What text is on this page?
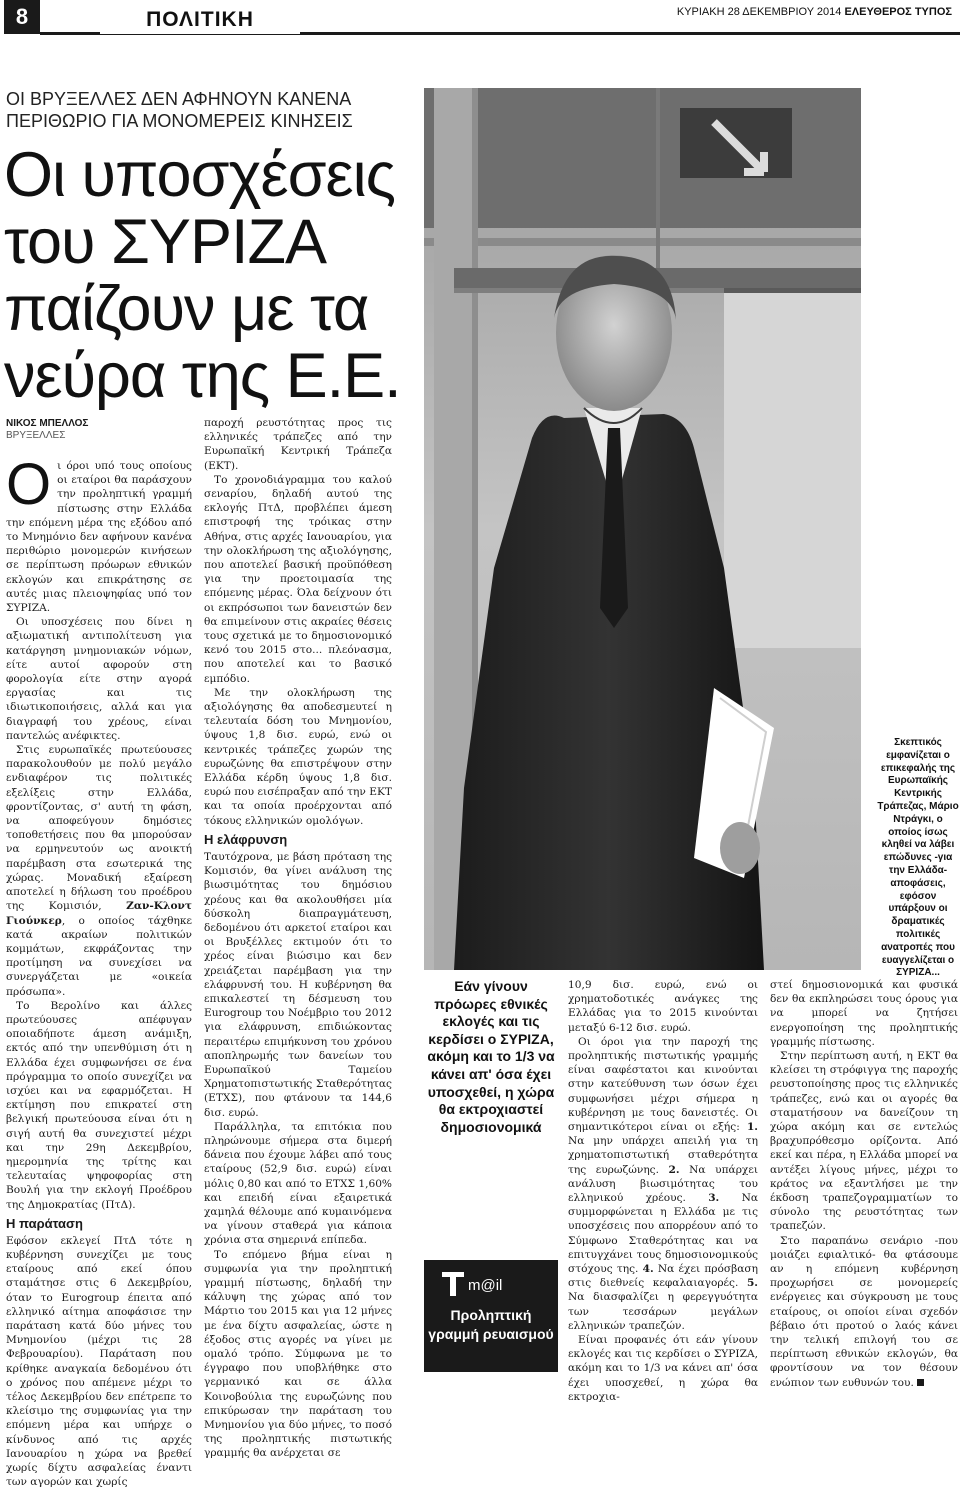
8	ΠΟΛΙΤΙΚΗ	ΚΥΡΙΑΚΗ 28 ΔΕΚΕΜΒΡΙΟΥ 2014 ΕΛΕΥΘΕΡΟΣ ΤΥΠΟΣ
ΟΙ ΒΡΥΞΕΛΛΕΣ ΔΕΝ ΑΦΗΝΟΥΝ ΚΑΝΕΝΑ ΠΕΡΙΘΩΡΙΟ ΓΙΑ ΜΟΝΟΜΕΡΕΙΣ ΚΙΝΗΣΕΙΣ
Οι υποσχέσεις του ΣΥΡΙΖΑ παίζουν με τα νεύρα της Ε.Ε.
ΝΙΚΟΣ ΜΠΕΛΛΟΣ
ΒΡΥΞΕΛΛΕΣ

Οι όροι υπό τους οποίους οι εταίροι θα παράσχουν την προληπτική γραμμή πίστωσης στην Ελλάδα την επόμενη μέρα της εξόδου από το Μνημόνιο δεν αφήνουν κανένα περιθώριο μονομερών κινήσεων σε περίπτωση πρόωρων εθνικών εκλογών και επικράτησης σε αυτές μιας πλειοψηφίας υπό τον ΣΥΡΙΖΑ.

Οι υποσχέσεις που δίνει η αξιωματική αντιπολίτευση για κατάργηση μνημονιακών νόμων, είτε αυτοί αφορούν στη φορολογία είτε στην αγορά εργασίας και τις ιδιωτικοποιήσεις, αλλά και για διαγραφή του χρέους, είναι παντελώς ανέφικτες.

Στις ευρωπαϊκές πρωτεύουσες παρακολουθούν με πολύ μεγάλο ενδιαφέρον τις πολιτικές εξελίξεις στην Ελλάδα, φροντίζοντας, σ' αυτή τη φάση, να αποφεύγουν δημόσιες τοποθετήσεις που θα μπορούσαν να ερμηνευτούν ως ανοικτή παρέμβαση στα εσωτερικά της χώρας. Μοναδική εξαίρεση αποτελεί η δήλωση του προέδρου της Κομισιόν, Ζαν-Κλοντ Γιούνκερ, ο οποίος τάχθηκε κατά ακραίων πολιτικών κομμάτων, εκφράζοντας την προτίμηση να συνεχίσει να συνεργάζεται με «οικεία πρόσωπα».

Το Βερολίνο και άλλες πρωτεύουσες απέφυγαν οποιαδήποτε άμεση ανάμιξη, εκτός από την υπενθύμιση ότι η Ελλάδα έχει συμφωνήσει σε ένα πρόγραμμα το οποίο συνεχίζει να ισχύει και να εφαρμόζεται. Η εκτίμηση που επικρατεί στη βελγική πρωτεύουσα είναι ότι η σιγή αυτή θα συνεχιστεί μέχρι και την 29η Δεκεμβρίου, ημερομηνία της τρίτης και τελευταίας ψηφοφορίας στη Βουλή για την εκλογή Προέδρου της Δημοκρατίας (ΠτΔ).

Η παράταση

Εφόσον εκλεγεί ΠτΔ τότε η κυβέρνηση συνεχίζει με τους εταίρους από εκεί όπου σταμάτησε στις 6 Δεκεμβρίου, όταν το Eurogroup έπειτα από ελληνικό αίτημα αποφάσισε την παράταση κατά δύο μήνες του Μνημονίου (μέχρι τις 28 Φεβρουαρίου). Παράταση που κρίθηκε αναγκαία δεδομένου ότι ο χρόνος που απέμενε μέχρι το τέλος Δεκεμβρίου δεν επέτρεπε το κλείσιμο της συμφωνίας για την επόμενη μέρα και υπήρχε ο κίνδυνος από τις αρχές Ιανουαρίου η χώρα να βρεθεί χωρίς δίχτυ ασφαλείας έναντι των αγορών και χωρίς

παροχή ρευστότητας προς τις ελληνικές τράπεζες από την Ευρωπαϊκή Κεντρική Τράπεζα (ΕΚΤ).

Το χρονοδιάγραμμα του καλού σεναρίου, δηλαδή αυτού της εκλογής ΠτΔ, προβλέπει άμεση επιστροφή της τρόικας στην Αθήνα, στις αρχές Ιανουαρίου, για την ολοκλήρωση της αξιολόγησης, που αποτελεί βασική προϋπόθεση για την προετοιμασία της επόμενης μέρας. Όλα δείχνουν ότι οι εκπρόσωποι των δανειστών δεν θα επιμείνουν στις ακραίες θέσεις τους σχετικά με το δημοσιονομικό κενό του 2015 στο... πλεόνασμα, που αποτελεί και το βασικό εμπόδιο.

Με την ολοκλήρωση της αξιολόγησης θα αποδεσμευτεί η τελευταία δόση του Μνημονίου, ύψους 1,8 δισ. ευρώ, ενώ οι κεντρικές τράπεζες χωρών της ευρωζώνης θα επιστρέψουν στην Ελλάδα κέρδη ύψους 1,8 δισ. ευρώ που εισέπραξαν από την ΕΚΤ και τα οποία προέρχονται από τόκους ελληνικών ομολόγων.

Η ελάφρυνση

Ταυτόχρονα, με βάση πρόταση της Κομισιόν, θα γίνει ανάλυση της βιωσιμότητας του δημόσιου χρέους και θα ακολουθήσει μία δύσκολη διαπραγμάτευση, δεδομένου ότι αρκετοί εταίροι και οι Βρυξέλλες εκτιμούν ότι το χρέος είναι βιώσιμο και δεν χρειάζεται παρέμβαση για την ελάφρυνσή του. Η κυβέρνηση θα επικαλεστεί τη δέσμευση του Eurogroup του Νοέμβριο του 2012 για ελάφρυνση, επιδιώκοντας περαιτέρω επιμήκυνση του χρόνου αποπληρωμής των δανείων του Ευρωπαϊκού Ταμείου Χρηματοπιστωτικής Σταθερότητας (ΕΤΧΣ), που φτάνουν τα 144,6 δισ. ευρώ.

Παράλληλα, τα επιτόκια που πληρώνουμε σήμερα στα διμερή δάνεια που έχουμε λάβει από τους εταίρους (52,9 δισ. ευρώ) είναι μόλις 0,80 και από το ΕΤΧΣ 1,60% και επειδή είναι εξαιρετικά χαμηλά θέλουμε από κυμαινόμενα να γίνουν σταθερά για κάποια χρόνια στα σημερινά επίπεδα.

Το επόμενο βήμα είναι η συμφωνία για την προληπτική γραμμή πίστωσης, δηλαδή την κάλυψη της χώρας από τον Μάρτιο του 2015 και για 12 μήνες με ένα δίχτυ ασφαλείας, ώστε η έξοδος στις αγορές να γίνει με ομαλό τρόπο. Σύμφωνα με το έγγραφο που υποβλήθηκε στο γερμανικό και σε άλλα Κοινοβούλια της ευρωζώνης που επικύρωσαν την παράταση του Μνημονίου για δύο μήνες, το ποσό της προληπτικής πιστωτικής γραμμής θα ανέρχεται σε

Σκεπτικός εμφανίζεται ο επικεφαλής της Ευρωπαϊκής Κεντρικής Τράπεζας, Μάριο Ντράγκι, ο οποίος ίσως κληθεί να λάβει επώδυνες -για την Ελλάδα- αποφάσεις, εφόσον υπάρξουν οι δραματικές πολιτικές ανατροπές που ευαγγελίζεται ο ΣΥΡΙΖΑ...
Εάν γίνουν πρόωρες εθνικές εκλογές και τις κερδίσει ο ΣΥΡΙΖΑ, ακόμη και το 1/3 να κάνει απ' όσα έχει υποσχεθεί, η χώρα θα εκτροχιαστεί δημοσιονομικά
m@il
Προληπτική γραμμή ρευαισμού

10,9 δισ. ευρώ, ενώ οι χρηματοδοτικές ανάγκες της Ελλάδας για το 2015 κινούνται μεταξύ 6-12 δισ. ευρώ.

Οι όροι για την παροχή της προληπτικής πιστωτικής γραμμής είναι σαφέστατοι και κινούνται στην κατεύθυνση των όσων έχει συμφωνήσει μέχρι σήμερα η κυβέρνηση με τους δανειστές. Οι σημαντικότεροι είναι οι εξής: 1. Να μην υπάρχει απειλή για τη χρηματοπιστωτική σταθερότητα της ευρωζώνης. 2. Να υπάρχει ανάλυση βιωσιμότητας του ελληνικού χρέους. 3. Να συμμορφώνεται η Ελλάδα με τις υποσχέσεις που απορρέουν από το Σύμφωνο Σταθερότητας και να επιτυγχάνει τους δημοσιονομικούς στόχους της. 4. Να έχει πρόσβαση στις διεθνείς κεφαλαιαγορές. 5. Να διασφαλίζει η φερεγγυότητα των τεσσάρων μεγάλων ελληνικών τραπεζών.

Είναι προφανές ότι εάν γίνουν εκλογές και τις κερδίσει ο ΣΥΡΙΖΑ, ακόμη και το 1/3 να κάνει απ' όσα έχει υποσχεθεί, η χώρα θα εκτροχια-

στεί δημοσιονομικά και φυσικά δεν θα εκπληρώσει τους όρους για να μπορεί να ζητήσει ενεργοποίηση της προληπτικής γραμμής πίστωσης.

Στην περίπτωση αυτή, η ΕΚΤ θα κλείσει τη στρόφιγγα της παροχής ρευστοποίησης προς τις ελληνικές τράπεζες, ενώ και οι αγορές θα σταματήσουν να δανείζουν τη χώρα ακόμη και σε εντελώς βραχυπρόθεσμο ορίζοντα. Από εκεί και πέρα, η Ελλάδα μπορεί να αντέξει λίγους μήνες, μέχρι το κράτος να εξαντλήσει με την έκδοση τραπεζογραμματίων το σύνολο της ρευστότητας των τραπεζών.

Στο παραπάνω σενάριο -που μοιάζει εφιαλτικό- θα φτάσουμε αν η επόμενη κυβέρνηση προχωρήσει σε μονομερείς ενέργειες και σύγκρουση με τους εταίρους, οι οποίοι είναι σχεδόν βέβαιο ότι προτού ο λαός κάνει την τελική επιλογή του σε περίπτωση εθνικών εκλογών, θα φροντίσουν να τον θέσουν ενώπιον των ευθυνών του.
